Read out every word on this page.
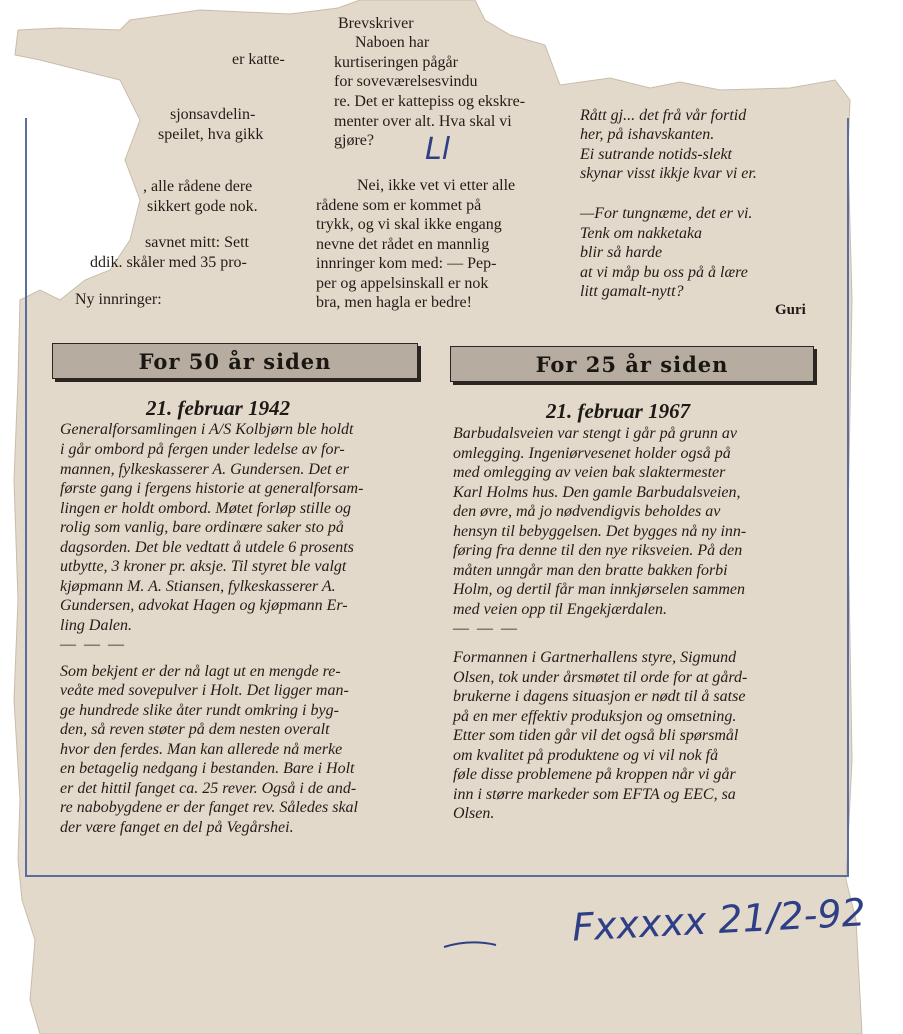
er katte-
sjonsavdelin-
speilet, hva gikk
, alle rådene dere
sikkert gode nok.
savnet mitt: Sett
ddik. skåler med 35 pro-
Ny innringer:
Brevskriver
Naboen har
kurtiseringen pågår
for soveværelsesvindu
re. Det er kattepiss og ekskre-
menter over alt. Hva skal vi
gjøre?
Nei, ikke vet vi etter alle
rådene som er kommet på
trykk, og vi skal ikke engang
nevne det rådet en mannlig
innringer kom med: — Pep-
per og appelsinskall er nok
bra, men hagla er bedre!
Ll
Rått gj... det frå vår fortid
her, på ishavskanten.
Ei sutrande notids-slekt
skynar visst ikkje kvar vi er.
—For tungnæme, det er vi.
Tenk om nakketaka
blir så harde
at vi måp bu oss på å lære
litt gamalt-nytt?
Guri
For 50 år siden	For 25 år siden
21. februar 1942	21. februar 1967
Generalforsamlingen i A/S Kolbjørn ble holdt
i går ombord på fergen under ledelse av for-
mannen, fylkeskasserer A. Gundersen. Det er
første gang i fergens historie at generalforsam-
lingen er holdt ombord. Møtet forløp stille og
rolig som vanlig, bare ordinære saker sto på
dagsorden. Det ble vedtatt å utdele 6 prosents
utbytte, 3 kroner pr. aksje. Til styret ble valgt
kjøpmann M. A. Stiansen, fylkeskasserer A.
Gundersen, advokat Hagen og kjøpmann Er-
ling Dalen.
— — —
Som bekjent er der nå lagt ut en mengde re-
veåte med sovepulver i Holt. Det ligger man-
ge hundrede slike åter rundt omkring i byg-
den, så reven støter på dem nesten overalt
hvor den ferdes. Man kan allerede nå merke
en betagelig nedgang i bestanden. Bare i Holt
er det hittil fanget ca. 25 rever. Også i de and-
re nabobygdene er der fanget rev. Således skal
der være fanget en del på Vegårshei.
Barbudalsveien var stengt i går på grunn av
omlegging. Ingeniørvesenet holder også på
med omlegging av veien bak slaktermester
Karl Holms hus. Den gamle Barbudalsveien,
den øvre, må jo nødvendigvis beholdes av
hensyn til bebyggelsen. Det bygges nå ny inn-
føring fra denne til den nye riksveien. På den
måten unngår man den bratte bakken forbi
Holm, og dertil får man innkjørselen sammen
med veien opp til Engekjærdalen.
— — —
Formannen i Gartnerhallens styre, Sigmund
Olsen, tok under årsmøtet til orde for at gård-
brukerne i dagens situasjon er nødt til å satse
på en mer effektiv produksjon og omsetning.
Etter som tiden går vil det også bli spørsmål
om kvalitet på produktene og vi vil nok få
føle disse problemene på kroppen når vi går
inn i større markeder som EFTA og EEC, sa
Olsen.
Fxxxxx 21/2-92
